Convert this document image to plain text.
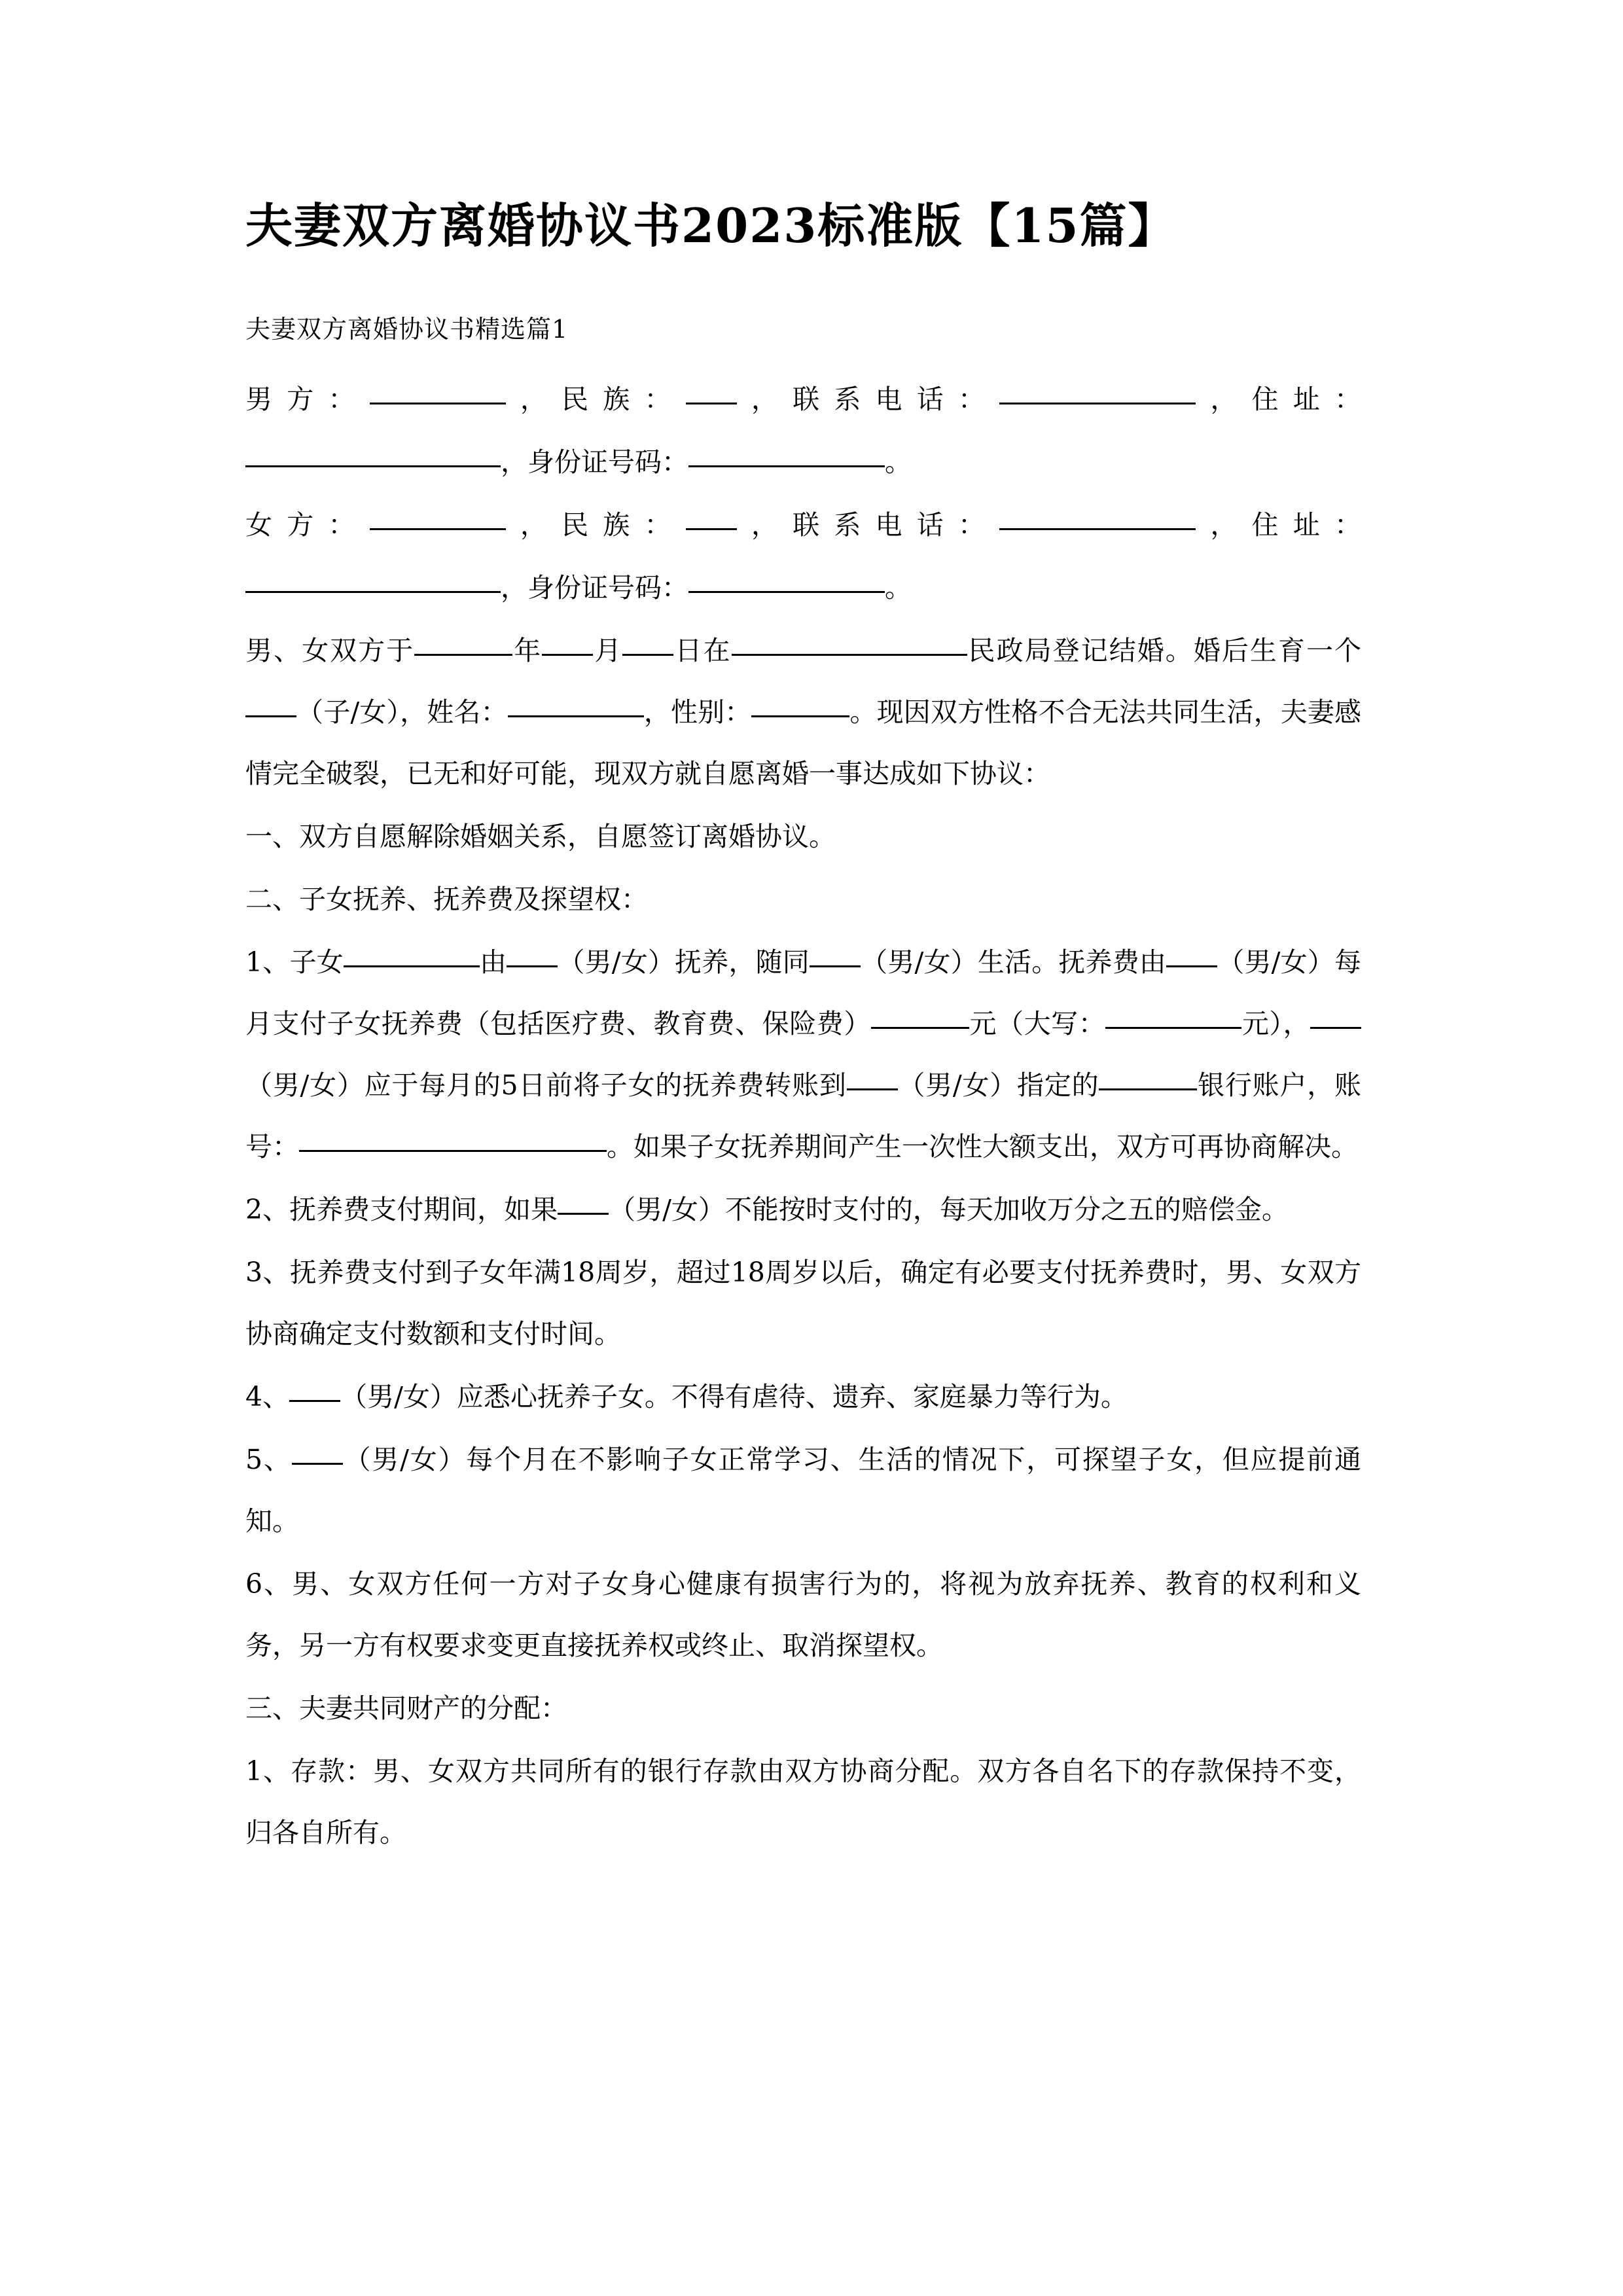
夫妻双方离婚协议书2023标准版【15篇】

夫妻双方离婚协议书精选篇1

男方：	，民族： ，联系电话：	，住址：

，身份证号码：	。

女方：	，民族： ，联系电话：	，住址：

，身份证号码：	。

男、女双方于	年 月 日在	民政局登记结婚。婚后生育一个（子/女），姓名：	，性别：	。现因双方性格不合无法共同生活，夫妻感情完全破裂，已无和好可能，现双方就自愿离婚一事达成如下协议：

一、双方自愿解除婚姻关系，自愿签订离婚协议。

二、子女抚养、抚养费及探望权：

1、子女	由 （男/女）抚养，随同 （男/女）生活。抚养费由 （男/女）每月支付子女抚养费（包括医疗费、教育费、保险费）	元（大写：	元），（男/女）应于每月的5日前将子女的抚养费转账到 （男/女）指定的	银行账户，账号：	。如果子女抚养期间产生一次性大额支出，双方可再协商解决。

2、抚养费支付期间，如果 （男/女）不能按时支付的，每天加收万分之五的赔偿金。

3、抚养费支付到子女年满18周岁，超过18周岁以后，确定有必要支付抚养费时，男、女双方协商确定支付数额和支付时间。

4、 （男/女）应悉心抚养子女。不得有虐待、遗弃、家庭暴力等行为。

5、 （男/女）每个月在不影响子女正常学习、生活的情况下，可探望子女，但应提前通知。

6、男、女双方任何一方对子女身心健康有损害行为的，将视为放弃抚养、教育的权利和义务，另一方有权要求变更直接抚养权或终止、取消探望权。

三、夫妻共同财产的分配：

1、存款：男、女双方共同所有的银行存款由双方协商分配。双方各自名下的存款保持不变，归各自所有。
